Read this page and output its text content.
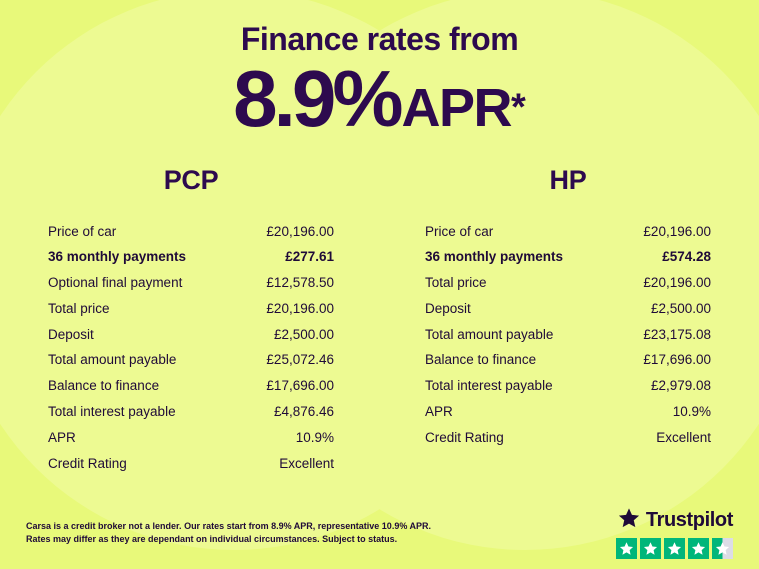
Finance rates from
8.9%APR*
PCP
Price of car	£20,196.00
36 monthly payments	£277.61
Optional final payment	£12,578.50
Total price	£20,196.00
Deposit	£2,500.00
Total amount payable	£25,072.46
Balance to finance	£17,696.00
Total interest payable	£4,876.46
APR	10.9%
Credit Rating	Excellent
HP
Price of car	£20,196.00
36 monthly payments	£574.28
Total price	£20,196.00
Deposit	£2,500.00
Total amount payable	£23,175.08
Balance to finance	£17,696.00
Total interest payable	£2,979.08
APR	10.9%
Credit Rating	Excellent
Carsa is a credit broker not a lender. Our rates start from 8.9% APR, representative 10.9% APR.
Rates may differ as they are dependant on individual circumstances. Subject to status.
Trustpilot
